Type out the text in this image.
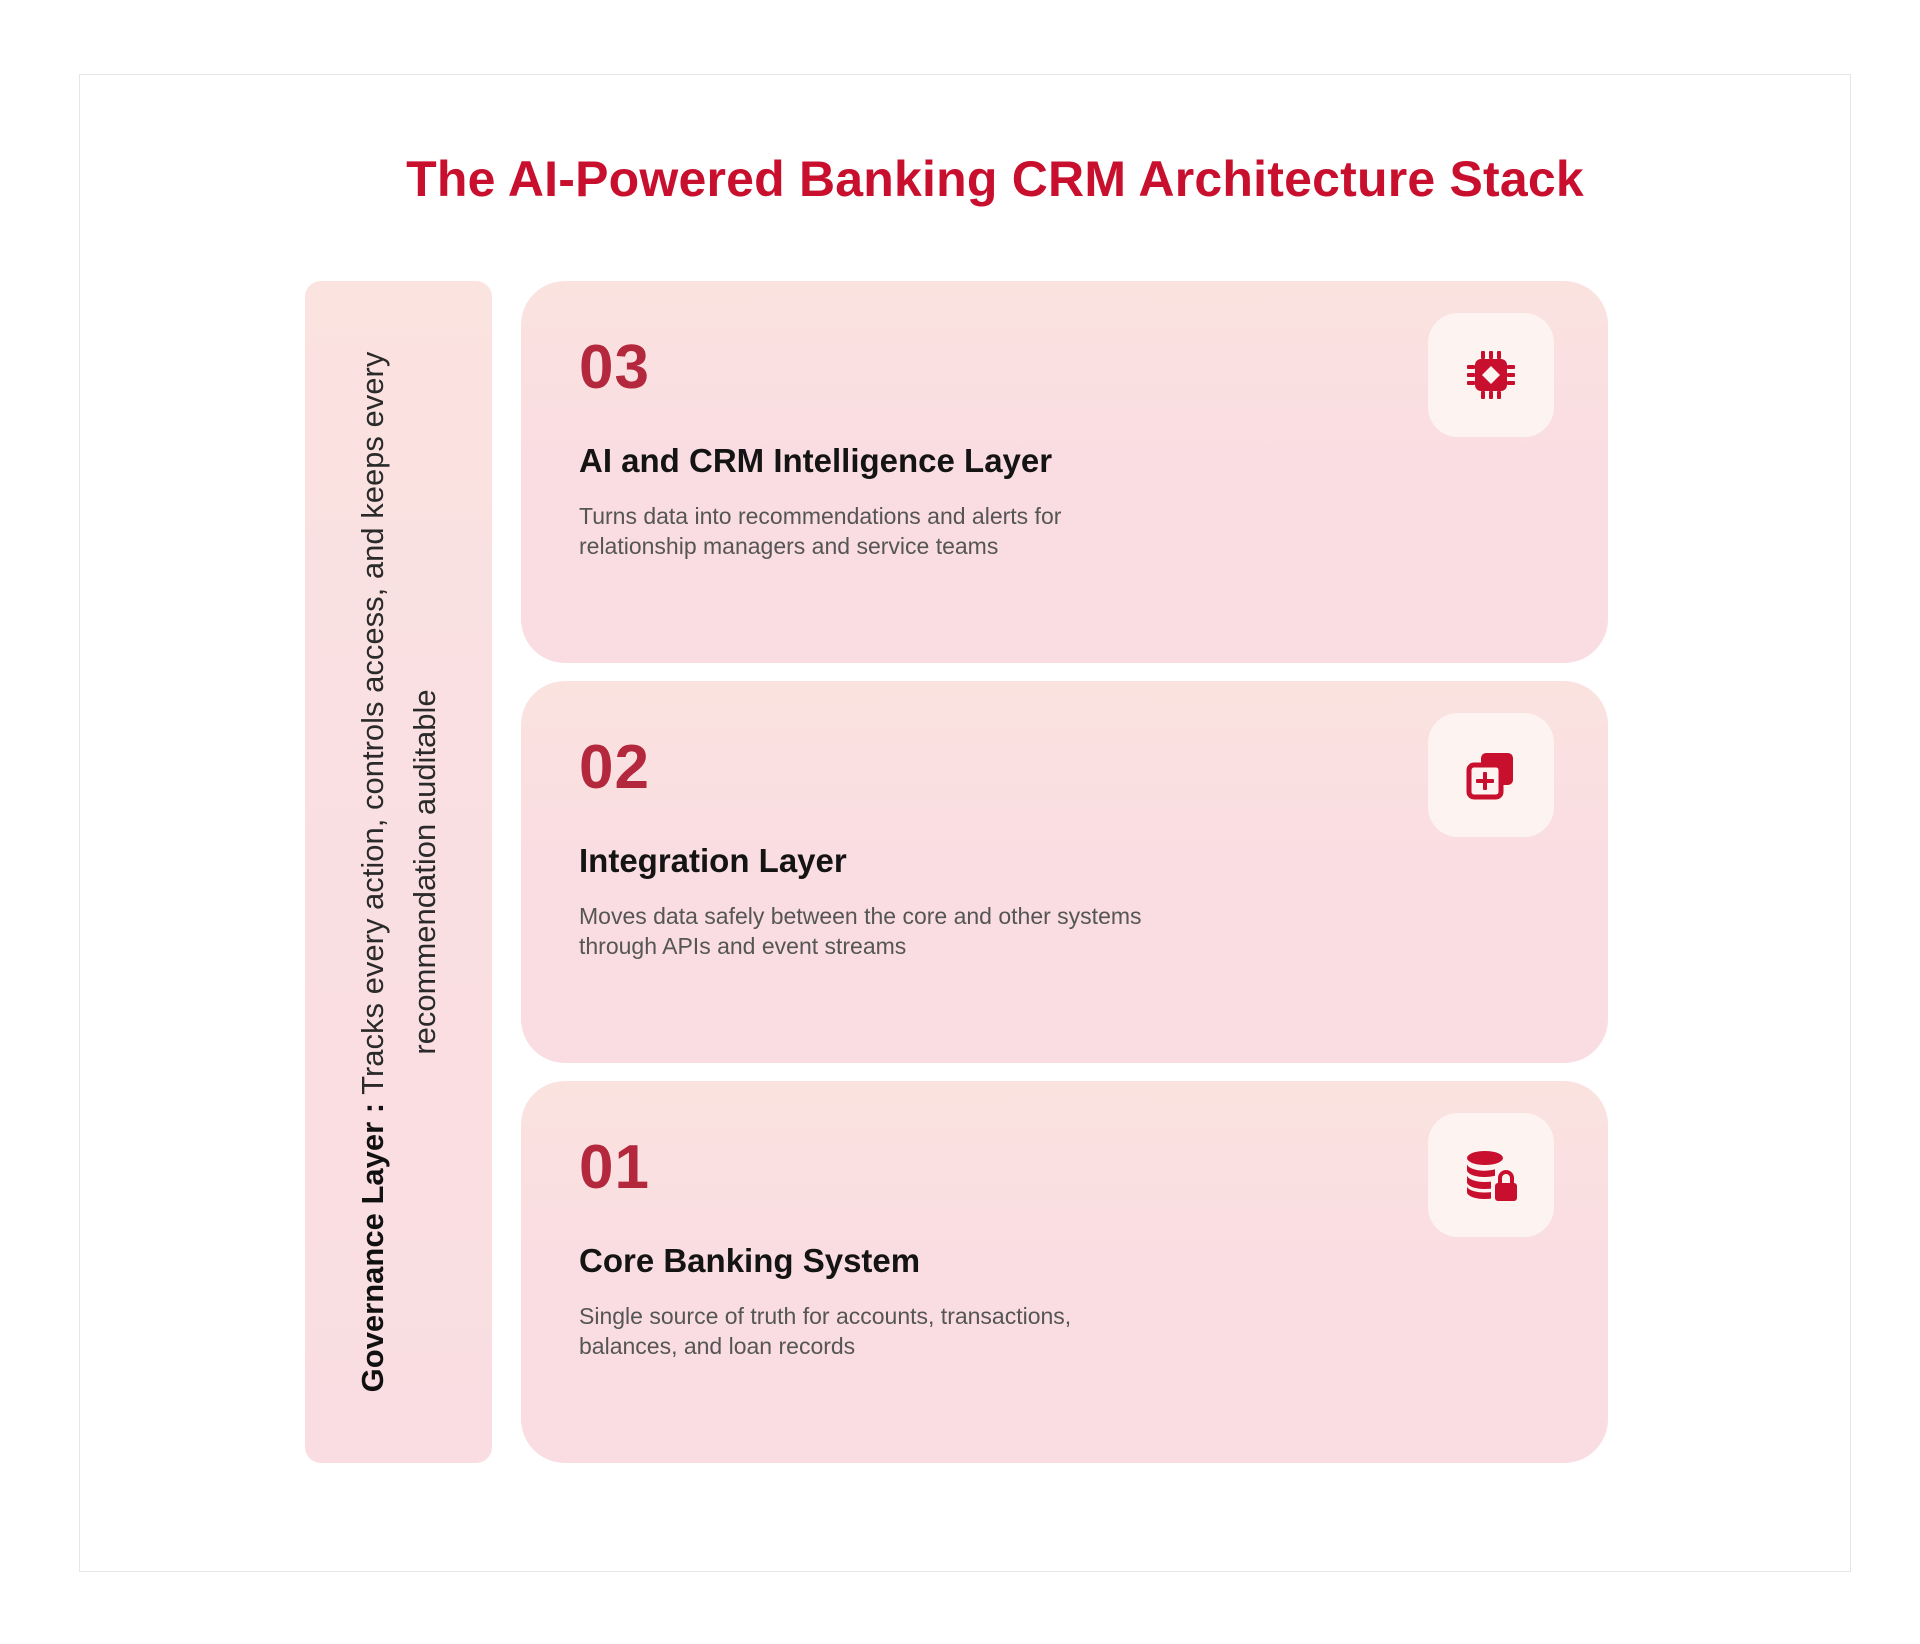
The AI-Powered Banking CRM Architecture Stack
Governance Layer : Tracks every action, controls access, and keeps every recommendation auditable
03
AI and CRM Intelligence Layer
Turns data into recommendations and alerts for relationship managers and service teams
02
Integration Layer
Moves data safely between the core and other systems through APIs and event streams
01
Core Banking System
Single source of truth for accounts, transactions, balances, and loan records
